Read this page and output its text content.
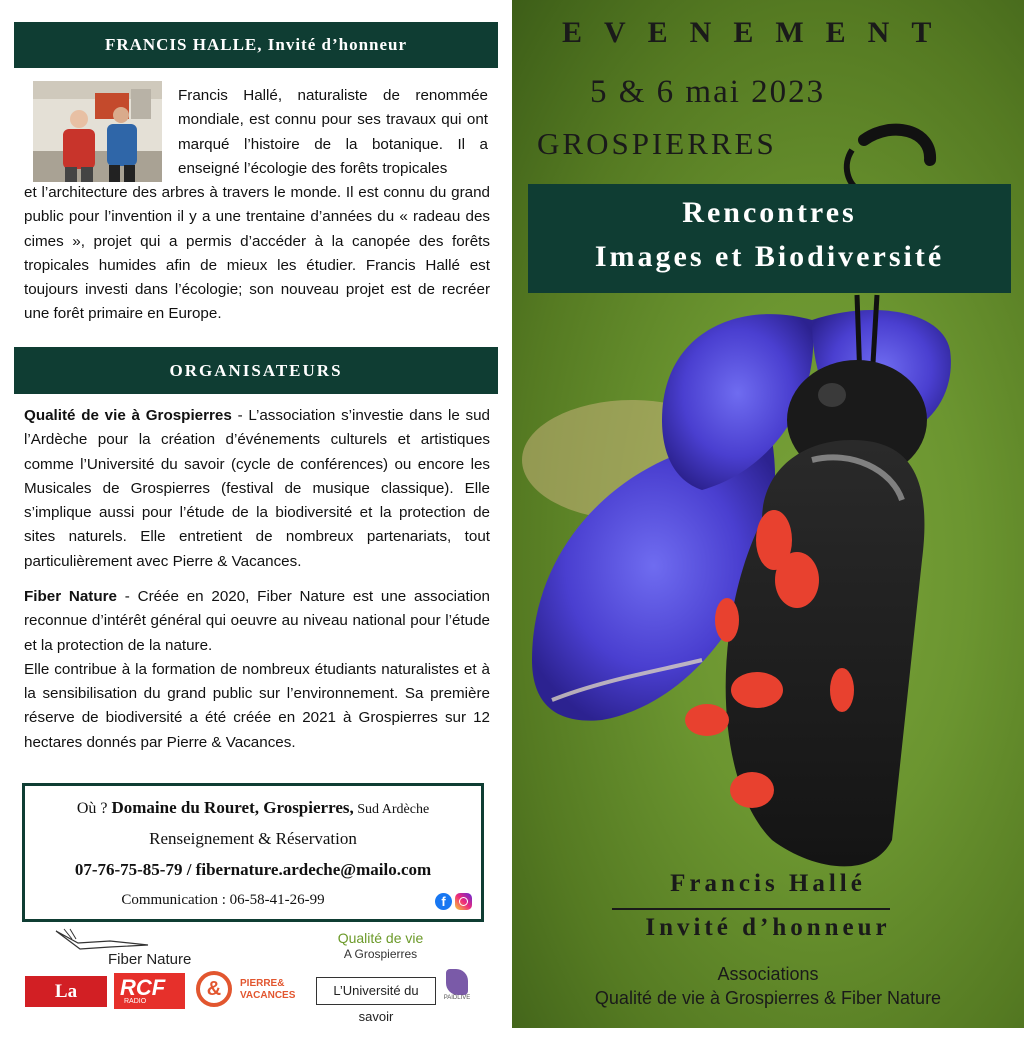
FRANCIS HALLE, Invité d’honneur
Francis Hallé, naturaliste de renommée mondiale, est connu pour ses travaux qui ont marqué l’histoire de la botanique. Il a enseigné l’écologie des forêts tropicales
et l’architecture des arbres à travers le monde. Il est connu du grand public pour l’invention il y a une trentaine d’années du « radeau des cimes », projet qui a permis d’accéder à la canopée des forêts tropicales humides afin de mieux les étudier. Francis Hallé est toujours investi dans l’écologie; son nouveau projet est de recréer une forêt primaire en Europe.
ORGANISATEURS
Qualité de vie à Grospierres - L’association s’investie dans le sud l’Ardèche pour la création d’événements culturels et artistiques comme l’Université du savoir (cycle de conférences) ou encore les Musicales de Grospierres (festival de musique classique). Elle s’implique aussi pour l’étude de la biodiversité et la protection de sites naturels. Elle entretient de nombreux partenariats, tout particulièrement avec Pierre & Vacances.
Fiber Nature - Créée en 2020, Fiber Nature est une association reconnue d’intérêt général qui oeuvre au niveau national pour l’étude et la protection de la nature.
Elle contribue à la formation de nombreux étudiants naturalistes et à la sensibilisation du grand public sur l’environnement. Sa première réserve de biodiversité a été créée en 2021 à Grospierres sur 12 hectares donnés par Pierre & Vacances.
Où ? Domaine du Rouret, Grospierres, Sud Ardèche
Renseignement & Réservation
07-76-75-85-79 / fibernature.ardeche@mailo.com
Communication : 06-58-41-26-99	f
Fiber Nature
Qualité de vie
A Grospierres
La Tribune
RCF
RADIO
&	PIERRE&
VACANCES	L’Université du savoir
PAIDLIVE
EVENEMENT
5 & 6 mai 2023
GROSPIERRES
Rencontres
Images et Biodiversité
Francis Hallé
Invité d’honneur
Associations
Qualité de vie à Grospierres & Fiber Nature
